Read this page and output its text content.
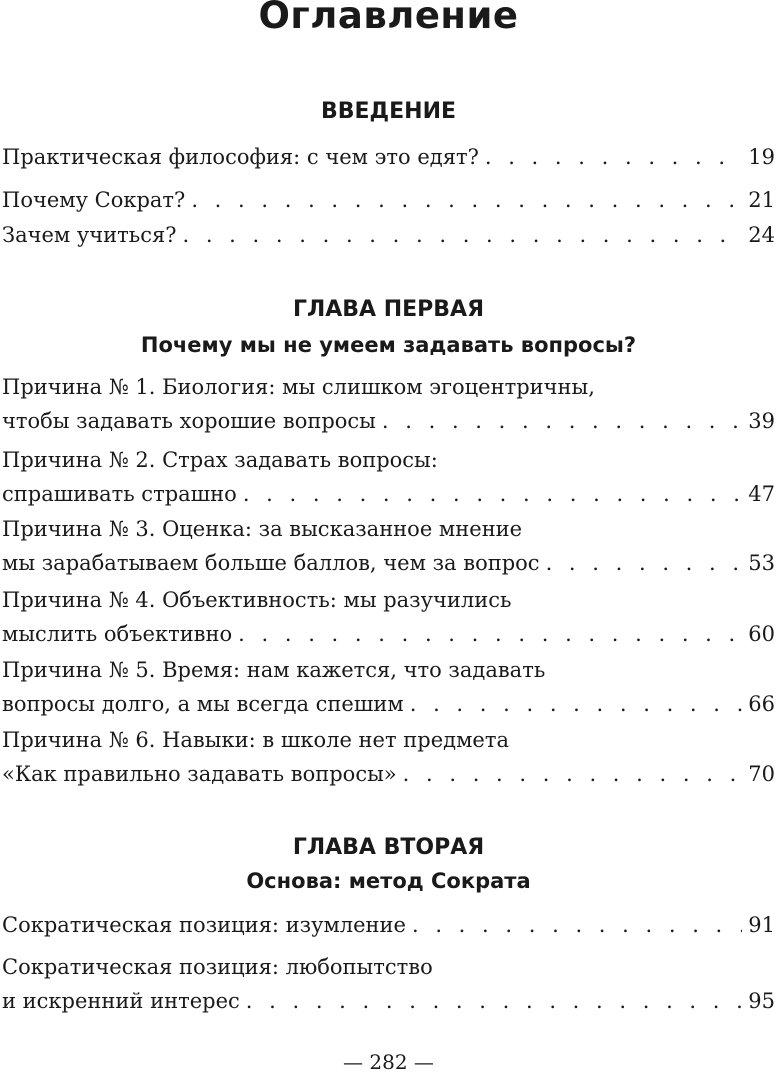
Оглавление
ВВЕДЕНИЕ
Практическая философия: с чем это едят? . . .	19
Почему Сократ? . . .	21
Зачем учиться? . . .	24
ГЛАВА ПЕРВАЯ
Почему мы не умеем задавать вопросы?
Причина № 1. Биология: мы слишком эгоцентричны,
чтобы задавать хорошие вопросы . . .	39
Причина № 2. Страх задавать вопросы:
спрашивать страшно . . .	47
Причина № 3. Оценка: за высказанное мнение
мы зарабатываем больше баллов, чем за вопрос . . .	53
Причина № 4. Объективность: мы разучились
мыслить объективно . . .	60
Причина № 5. Время: нам кажется, что задавать
вопросы долго, а мы всегда спешим . . .	66
Причина № 6. Навыки: в школе нет предмета
«Как правильно задавать вопросы» . . .	70
ГЛАВА ВТОРАЯ
Основа: метод Сократа
Сократическая позиция: изумление . . .	91
Сократическая позиция: любопытство
и искренний интерес . . .	95
— 282 —
